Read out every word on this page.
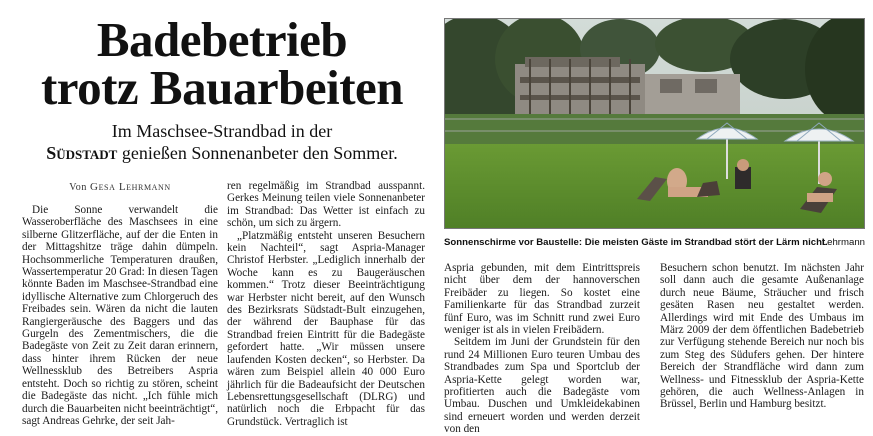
Badebetrieb
trotz Bauarbeiten
Im Maschsee-Strandbad in der
Südstadt genießen Sonnenanbeter den Sommer.
Von Gesa Lehrmann

Die Sonne verwandelt die Wasseroberfläche des Maschsees in eine silberne Glitzerfläche, auf der die Enten in der Mittagshitze träge dahin dümpeln. Hochsommerliche Temperaturen draußen, Wassertemperatur 20 Grad: In diesen Tagen könnte Baden im Maschsee-Strandbad eine idyllische Alternative zum Chlorgeruch des Freibades sein. Wären da nicht die lauten Rangiergeräusche des Baggers und das Gurgeln des Zementmischers, die die Badegäste von Zeit zu Zeit daran erinnern, dass hinter ihrem Rücken der neue Wellnessklub des Betreibers Aspria entsteht. Doch so richtig zu stören, scheint die Badegäste das nicht. „Ich fühle mich durch die Bauarbeiten nicht beeinträchtigt“, sagt Andreas Gehrke, der seit Jah-

ren regelmäßig im Strandbad ausspannt. Gerkes Meinung teilen viele Sonnenanbeter im Strandbad: Das Wetter ist einfach zu schön, um sich zu ärgern.

„Platzmäßig entsteht unseren Besuchern kein Nachteil“, sagt Aspria-Manager Christof Herbster. „Lediglich innerhalb der Woche kann es zu Baugeräuschen kommen.“ Trotz dieser Beeinträchtigung war Herbster nicht bereit, auf den Wunsch des Bezirksrats Südstadt-Bult einzugehen, der während der Bauphase für das Strandbad freien Eintritt für die Badegäste gefordert hatte. „Wir müssen unsere laufenden Kosten decken“, so Herbster. Da wären zum Beispiel allein 40 000 Euro jährlich für die Badeaufsicht der Deutschen Lebensrettungsgesellschaft (DLRG) und natürlich noch die Erbpacht für das Grundstück. Vertraglich ist

Aspria gebunden, mit dem Eintrittspreis nicht über dem der hannoverschen Freibäder zu liegen. So kostet eine Familienkarte für das Strandbad zurzeit fünf Euro, was im Schnitt rund zwei Euro weniger ist als in vielen Freibädern.

Seitdem im Juni der Grundstein für den rund 24 Millionen Euro teuren Umbau des Strandbades zum Spa und Sportclub der Aspria-Kette gelegt worden war, profitierten auch die Badegäste vom Umbau. Duschen und Umkleidekabinen sind erneuert worden und werden derzeit von den

Besuchern schon benutzt. Im nächsten Jahr soll dann auch die gesamte Außenanlage durch neue Bäume, Sträucher und frisch gesäten Rasen neu gestaltet werden. Allerdings wird mit Ende des Umbaus im März 2009 der dem öffentlichen Badebetrieb zur Verfügung stehende Bereich nur noch bis zum Steg des Südufers gehen. Der hintere Bereich der Strandfläche wird dann zum Wellness- und Fitnessklub der Aspria-Kette gehören, die auch Wellness-Anlagen in Brüssel, Berlin und Hamburg besitzt.

Sonnenschirme vor Baustelle: Die meisten Gäste im Strandbad stört der Lärm nicht.
Lehrmann
